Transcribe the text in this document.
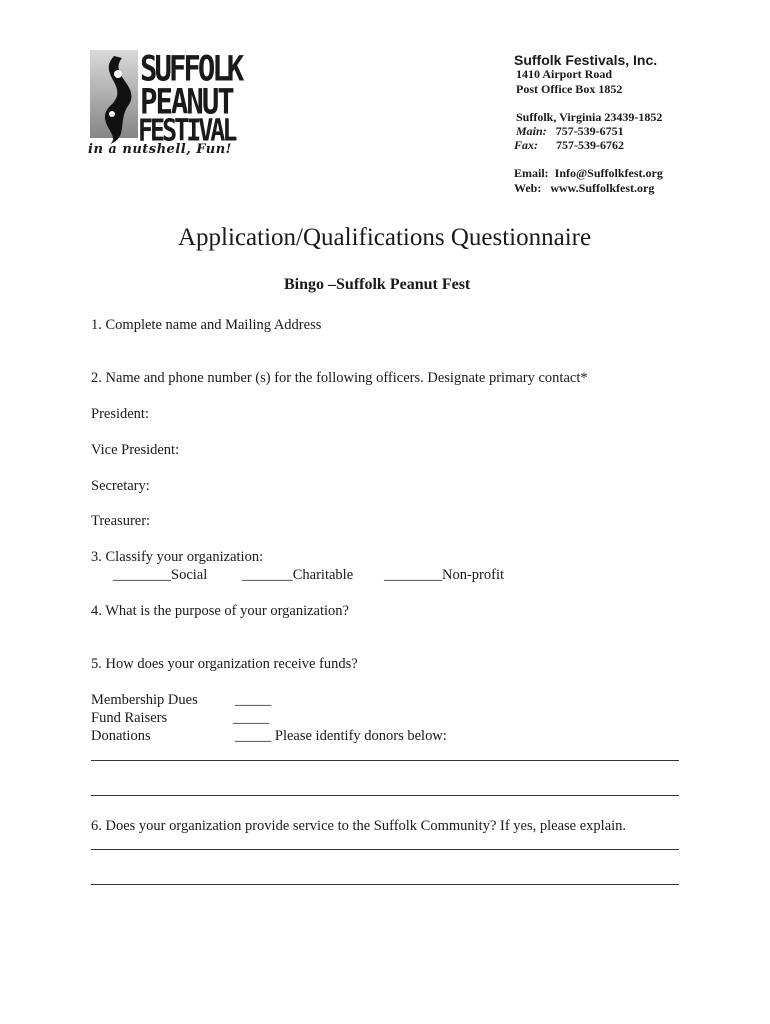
SUFFOLK
PEANUT
FESTIVAL
in a nutshell, Fun!
Suffolk Festivals, Inc.
1410 Airport Road
Post Office Box 1852
Suffolk, Virginia 23439-1852
Main: 757-539-6751
Fax: 757-539-6762
Email: Info@Suffolkfest.org
Web: www.Suffolkfest.org
Application/Qualifications Questionnaire
Bingo –Suffolk Peanut Fest
1. Complete name and Mailing Address
2. Name and phone number (s) for the following officers. Designate primary contact*
President:
Vice President:
Secretary:
Treasurer:
3. Classify your organization:
________Social _______Charitable ________Non-profit
4. What is the purpose of your organization?
5. How does your organization receive funds?
Membership Dues	_____
Fund Raisers	_____
Donations	_____ Please identify donors below:
6. Does your organization provide service to the Suffolk Community? If yes, please explain.
